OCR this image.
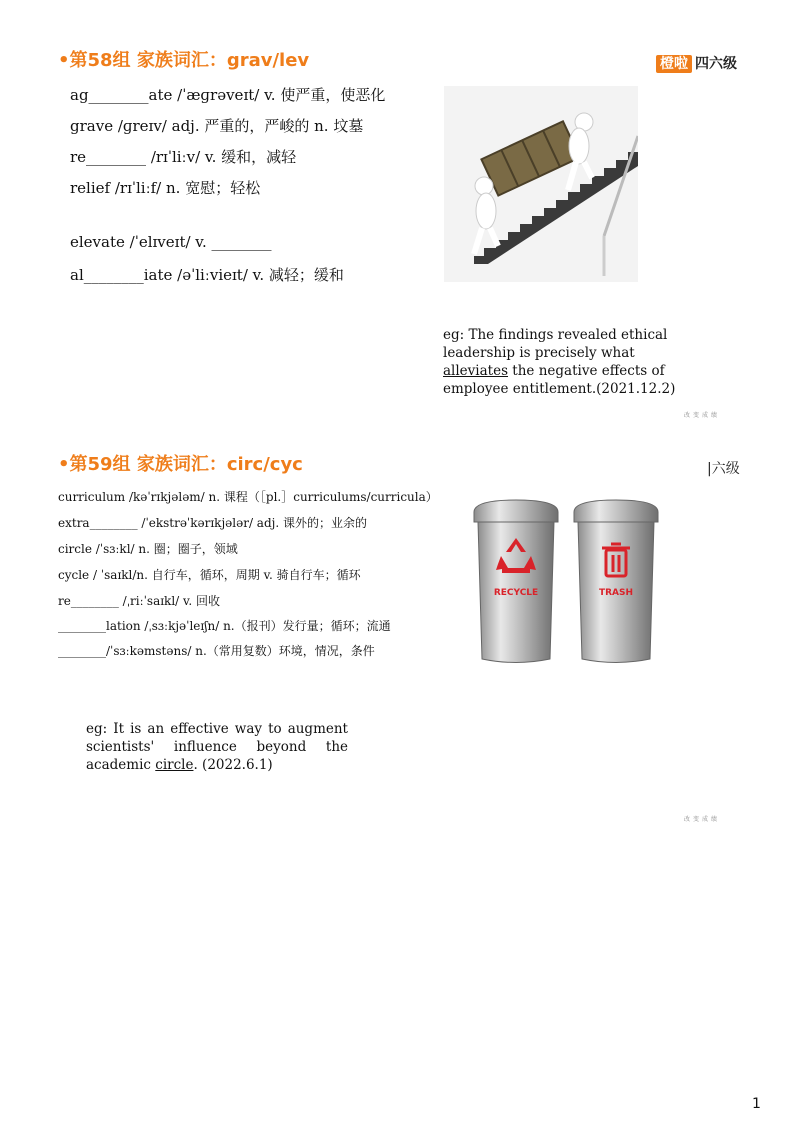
•第58组 家族词汇：grav/lev	橙啦 四六级
ag________ate /ˈæɡrəveɪt/ v. 使严重，使恶化
grave /ɡreɪv/ adj. 严重的，严峻的 n. 坟墓
re________ /rɪˈliːv/ v. 缓和，减轻
relief /rɪˈliːf/ n. 宽慰；轻松
elevate /ˈelɪveɪt/ v. ________
al________iate /əˈliːvieɪt/ v. 减轻；缓和
eg: The findings revealed ethical leadership is precisely what alleviates the negative effects of employee entitlement.(2021.12.2)
改变成绩
•第59组 家族词汇：circ/cyc	|六级
curriculum /kəˈrɪkjələm/ n. 课程（［pl.］curriculums/curricula）
extra________ /ˈekstrəˈkərɪkjələr/ adj. 课外的；业余的
circle /ˈsɜːkl/ n. 圈；圈子，领域
cycle / ˈsaɪkl/n. 自行车，循环，周期 v. 骑自行车；循环
re________ /ˌriːˈsaɪkl/ v. 回收
________lation /ˌsɜːkjəˈleɪʃn/ n.（报刊）发行量；循环；流通
________/ˈsɜːkəmstəns/ n.（常用复数）环境，情况，条件
RECYCLE	TRASH
eg: It is an effective way to augment scientists' influence beyond the academic circle. (2022.6.1)
改变成绩
1
